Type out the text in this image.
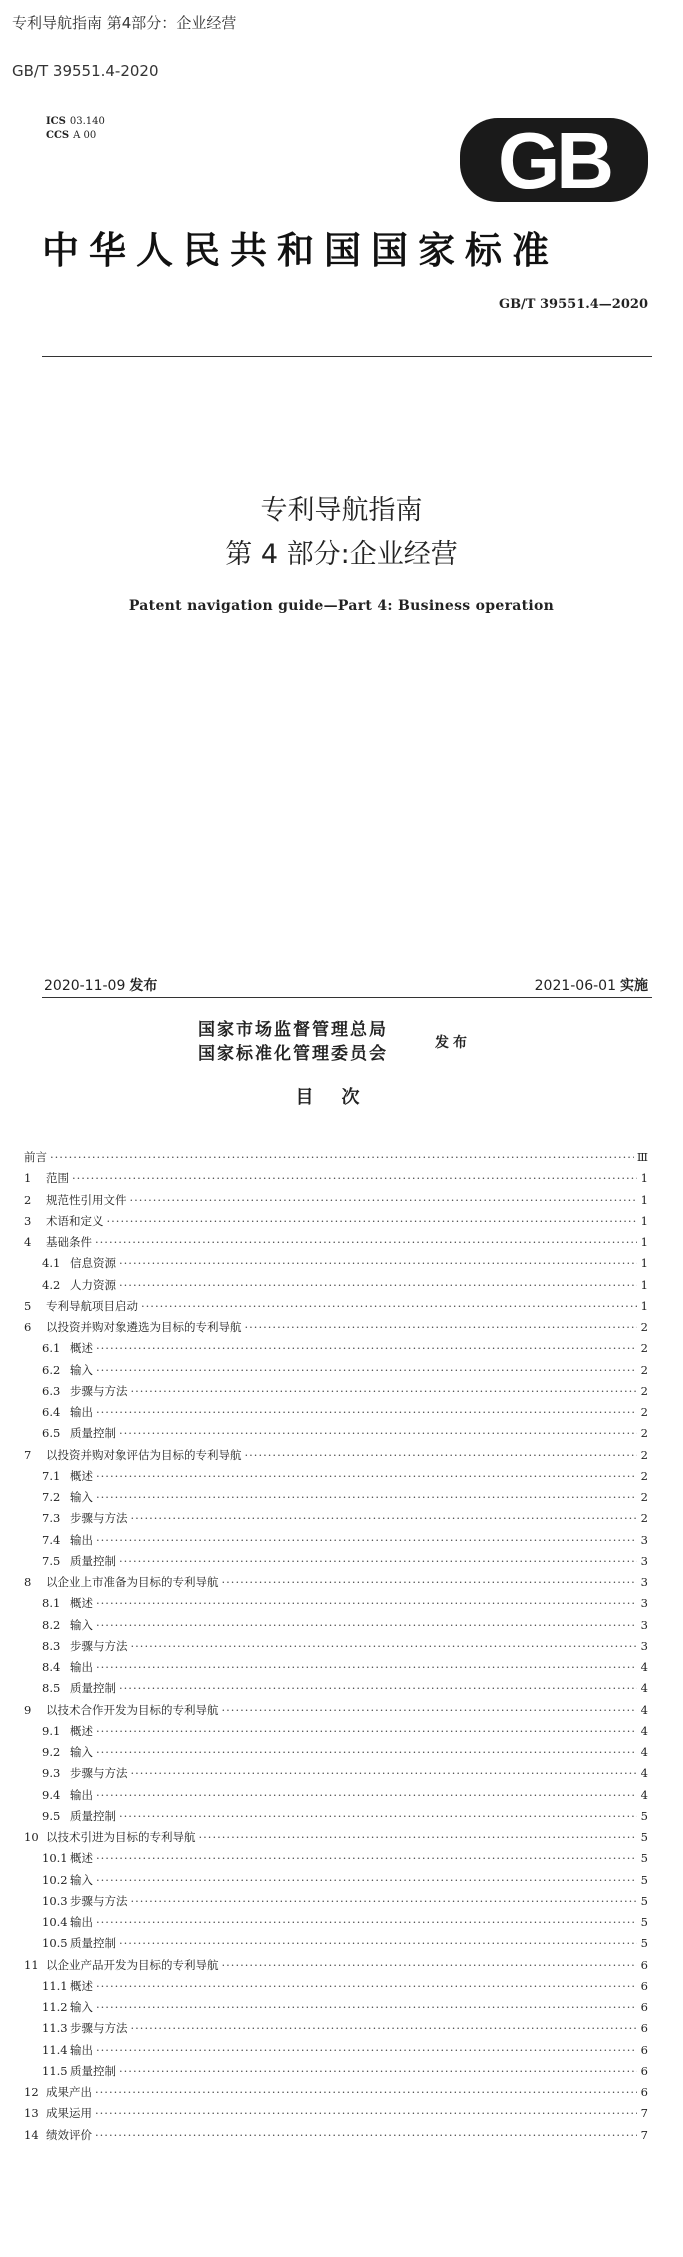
专利导航指南 第4部分：企业经营
GB/T 39551.4-2020
ICS 03.140
CCS A 00	GB
中华人民共和国国家标准
GB/T 39551.4—2020
专利导航指南
第 4 部分:企业经营
Patent navigation guide—Part 4: Business operation
2020-11-09 发布	2021-06-01 实施
国家市场监督管理总局
国家标准化管理委员会
发布
目次
前言 ·····	Ⅲ
1	范围 ·····	1
2	规范性引用文件 ·····	1
3	术语和定义 ·····	1
4	基础条件 ·····	1
4.1 信息资源 ·····	1
4.2 人力资源 ·····	1
5	专利导航项目启动 ·····	1
6	以投资并购对象遴选为目标的专利导航 ·····	2
6.1 概述 ·····	2
6.2 输入 ·····	2
6.3 步骤与方法 ·····	2
6.4 输出 ·····	2
6.5 质量控制 ·····	2
7	以投资并购对象评估为目标的专利导航 ·····	2
7.1 概述 ·····	2
7.2 输入 ·····	2
7.3 步骤与方法 ·····	2
7.4 输出 ·····	3
7.5 质量控制 ·····	3
8	以企业上市准备为目标的专利导航 ·····	3
8.1 概述 ·····	3
8.2 输入 ·····	3
8.3 步骤与方法 ·····	3
8.4 输出 ·····	4
8.5 质量控制 ·····	4
9	以技术合作开发为目标的专利导航 ·····	4
9.1 概述 ·····	4
9.2 输入 ·····	4
9.3 步骤与方法 ·····	4
9.4 输出 ·····	4
9.5 质量控制 ·····	5
10 以技术引进为目标的专利导航 ·····	5
10.1 概述 ·····	5
10.2 输入 ·····	5
10.3 步骤与方法 ·····	5
10.4 输出 ·····	5
10.5 质量控制 ·····	5
11 以企业产品开发为目标的专利导航 ·····	6
11.1 概述 ·····	6
11.2 输入 ·····	6
11.3 步骤与方法 ·····	6
11.4 输出 ·····	6
11.5 质量控制 ·····	6
12 成果产出 ·····	6
13 成果运用 ·····	7
14 绩效评价 ·····	7
